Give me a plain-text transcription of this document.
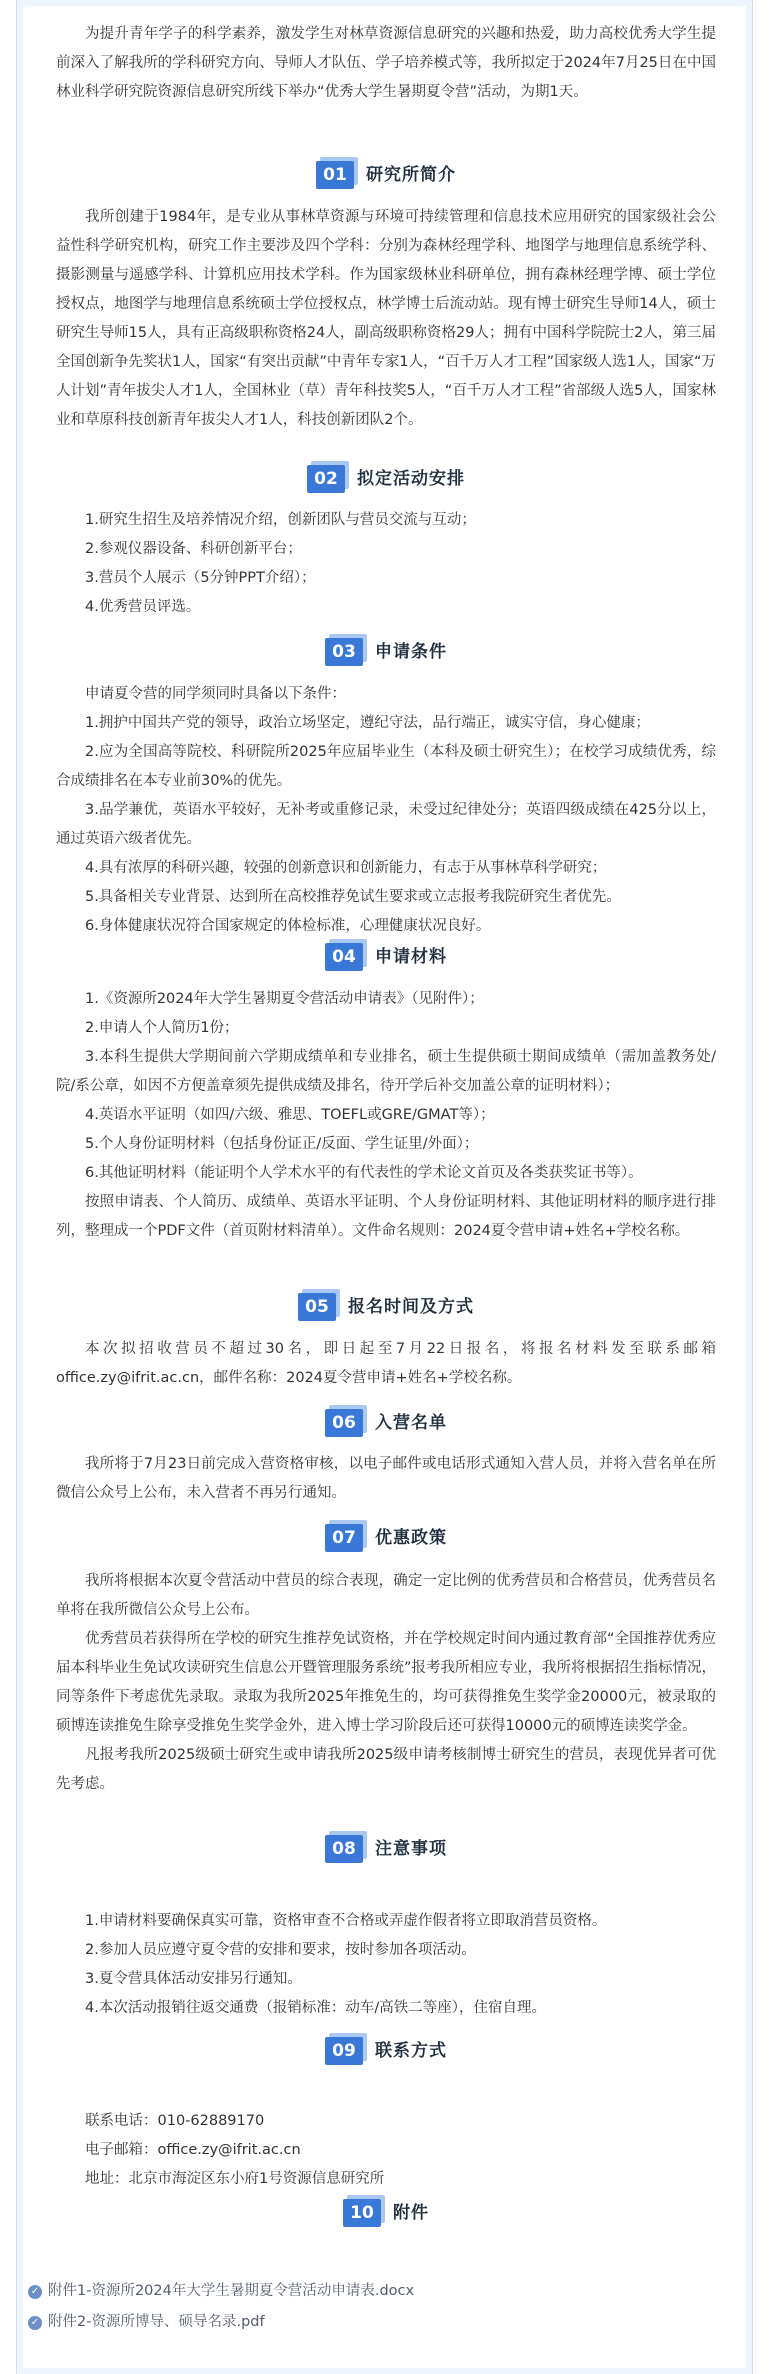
为提升青年学子的科学素养，激发学生对林草资源信息研究的兴趣和热爱，助力高校优秀大学生提前深入了解我所的学科研究方向、导师人才队伍、学子培养模式等，我所拟定于2024年7月25日在中国林业科学研究院资源信息研究所线下举办“优秀大学生暑期夏令营”活动，为期1天。

01	研究所简介

我所创建于1984年，是专业从事林草资源与环境可持续管理和信息技术应用研究的国家级社会公益性科学研究机构，研究工作主要涉及四个学科：分别为森林经理学科、地图学与地理信息系统学科、摄影测量与遥感学科、计算机应用技术学科。作为国家级林业科研单位，拥有森林经理学博、硕士学位授权点，地图学与地理信息系统硕士学位授权点，林学博士后流动站。现有博士研究生导师14人，硕士研究生导师15人，具有正高级职称资格24人，副高级职称资格29人；拥有中国科学院院士2人，第三届全国创新争先奖状1人，国家“有突出贡献”中青年专家1人，“百千万人才工程”国家级人选1人，国家“万人计划”青年拔尖人才1人，全国林业（草）青年科技奖5人，“百千万人才工程”省部级人选5人，国家林业和草原科技创新青年拔尖人才1人，科技创新团队2个。

02	拟定活动安排

1.研究生招生及培养情况介绍，创新团队与营员交流与互动；

2.参观仪器设备、科研创新平台；

3.营员个人展示（5分钟PPT介绍）；

4.优秀营员评选。

03	申请条件

申请夏令营的同学须同时具备以下条件：

1.拥护中国共产党的领导，政治立场坚定，遵纪守法，品行端正，诚实守信，身心健康；

2.应为全国高等院校、科研院所2025年应届毕业生（本科及硕士研究生）；在校学习成绩优秀，综合成绩排名在本专业前30%的优先。

3.品学兼优，英语水平较好，无补考或重修记录，未受过纪律处分；英语四级成绩在425分以上，通过英语六级者优先。

4.具有浓厚的科研兴趣，较强的创新意识和创新能力，有志于从事林草科学研究；

5.具备相关专业背景、达到所在高校推荐免试生要求或立志报考我院研究生者优先。

6.身体健康状况符合国家规定的体检标准，心理健康状况良好。

04	申请材料

1.《资源所2024年大学生暑期夏令营活动申请表》（见附件）；

2.申请人个人简历1份；

3.本科生提供大学期间前六学期成绩单和专业排名，硕士生提供硕士期间成绩单（需加盖教务处/院/系公章，如因不方便盖章须先提供成绩及排名，待开学后补交加盖公章的证明材料）；

4.英语水平证明（如四/六级、雅思、TOEFL或GRE/GMAT等）；

5.个人身份证明材料（包括身份证正/反面、学生证里/外面）；

6.其他证明材料（能证明个人学术水平的有代表性的学术论文首页及各类获奖证书等）。

按照申请表、个人简历、成绩单、英语水平证明、个人身份证明材料、其他证明材料的顺序进行排列，整理成一个PDF文件（首页附材料清单）。文件命名规则：2024夏令营申请+姓名+学校名称。

05	报名时间及方式

本次拟招收营员不超过30名，即日起至7月22日报名，将报名材料发至联系邮箱office.zy@ifrit.ac.cn，邮件名称：2024夏令营申请+姓名+学校名称。

06	入营名单

我所将于7月23日前完成入营资格审核，以电子邮件或电话形式通知入营人员，并将入营名单在所微信公众号上公布，未入营者不再另行通知。

07	优惠政策

我所将根据本次夏令营活动中营员的综合表现，确定一定比例的优秀营员和合格营员，优秀营员名单将在我所微信公众号上公布。

优秀营员若获得所在学校的研究生推荐免试资格，并在学校规定时间内通过教育部“全国推荐优秀应届本科毕业生免试攻读研究生信息公开暨管理服务系统”报考我所相应专业，我所将根据招生指标情况，同等条件下考虑优先录取。录取为我所2025年推免生的，均可获得推免生奖学金20000元，被录取的硕博连读推免生除享受推免生奖学金外，进入博士学习阶段后还可获得10000元的硕博连读奖学金。

凡报考我所2025级硕士研究生或申请我所2025级申请考核制博士研究生的营员，表现优异者可优先考虑。

08	注意事项

1.申请材料要确保真实可靠，资格审查不合格或弄虚作假者将立即取消营员资格。

2.参加人员应遵守夏令营的安排和要求，按时参加各项活动。

3.夏令营具体活动安排另行通知。

4.本次活动报销往返交通费（报销标准：动车/高铁二等座），住宿自理。

09	联系方式

联系电话：010-62889170

电子邮箱：office.zy@ifrit.ac.cn

地址：北京市海淀区东小府1号资源信息研究所

10	附件
✓ 附件1-资源所2024年大学生暑期夏令营活动申请表.docx
✓ 附件2-资源所博导、硕导名录.pdf
